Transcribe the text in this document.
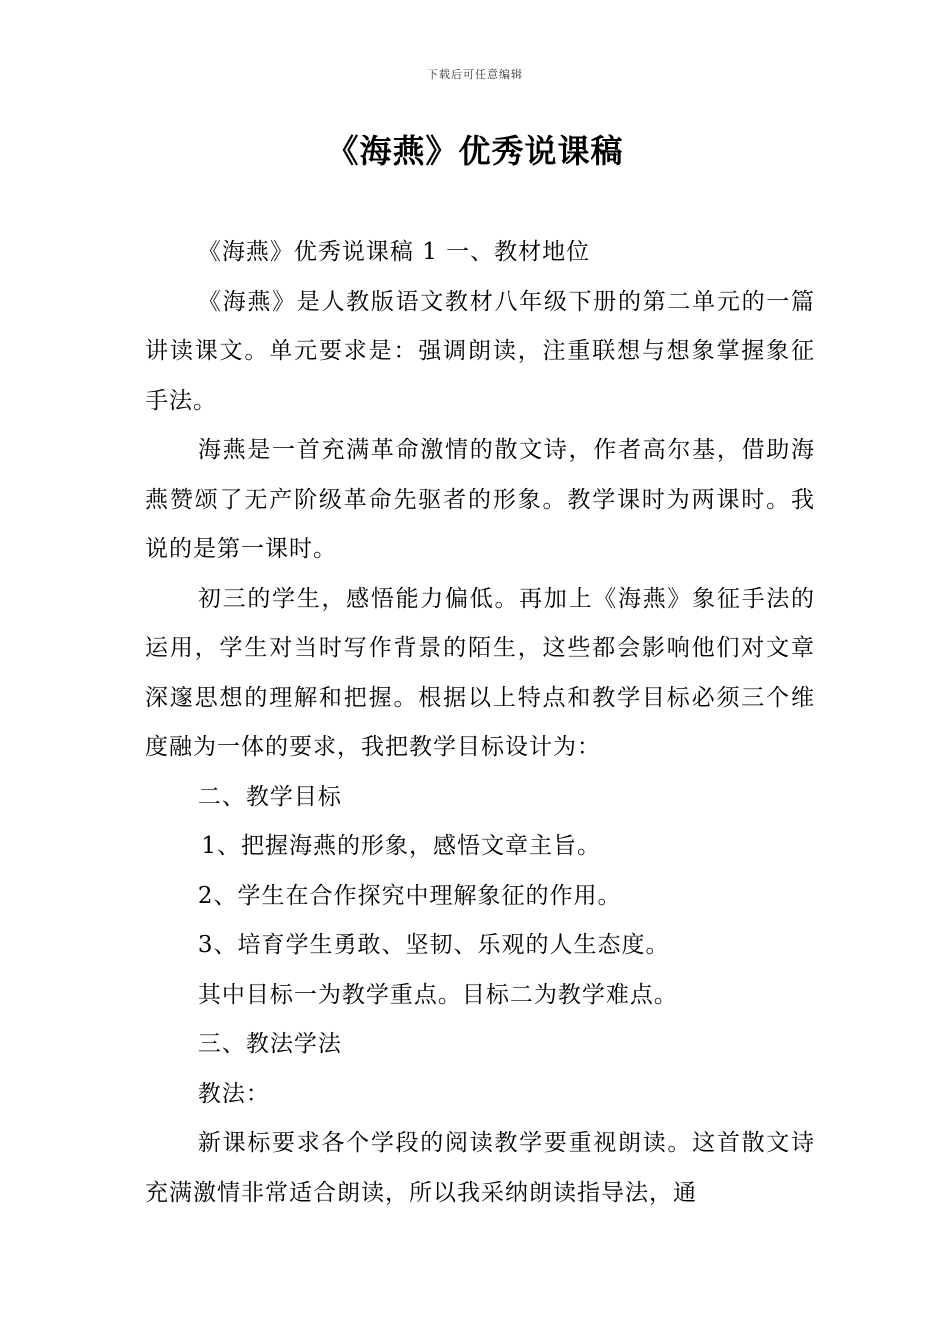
下载后可任意编辑
《海燕》优秀说课稿

《海燕》优秀说课稿 1 一、教材地位

《海燕》是人教版语文教材八年级下册的第二单元的一篇讲读课文。单元要求是：强调朗读，注重联想与想象掌握象征手法。

海燕是一首充满革命激情的散文诗，作者高尔基，借助海燕赞颂了无产阶级革命先驱者的形象。教学课时为两课时。我说的是第一课时。

初三的学生，感悟能力偏低。再加上《海燕》象征手法的运用，学生对当时写作背景的陌生，这些都会影响他们对文章深邃思想的理解和把握。根据以上特点和教学目标必须三个维度融为一体的要求，我把教学目标设计为：

二、教学目标

1、把握海燕的形象，感悟文章主旨。

2、学生在合作探究中理解象征的作用。

3、培育学生勇敢、坚韧、乐观的人生态度。

其中目标一为教学重点。目标二为教学难点。

三、教法学法

教法：

新课标要求各个学段的阅读教学要重视朗读。这首散文诗充满激情非常适合朗读，所以我采纳朗读指导法，通
